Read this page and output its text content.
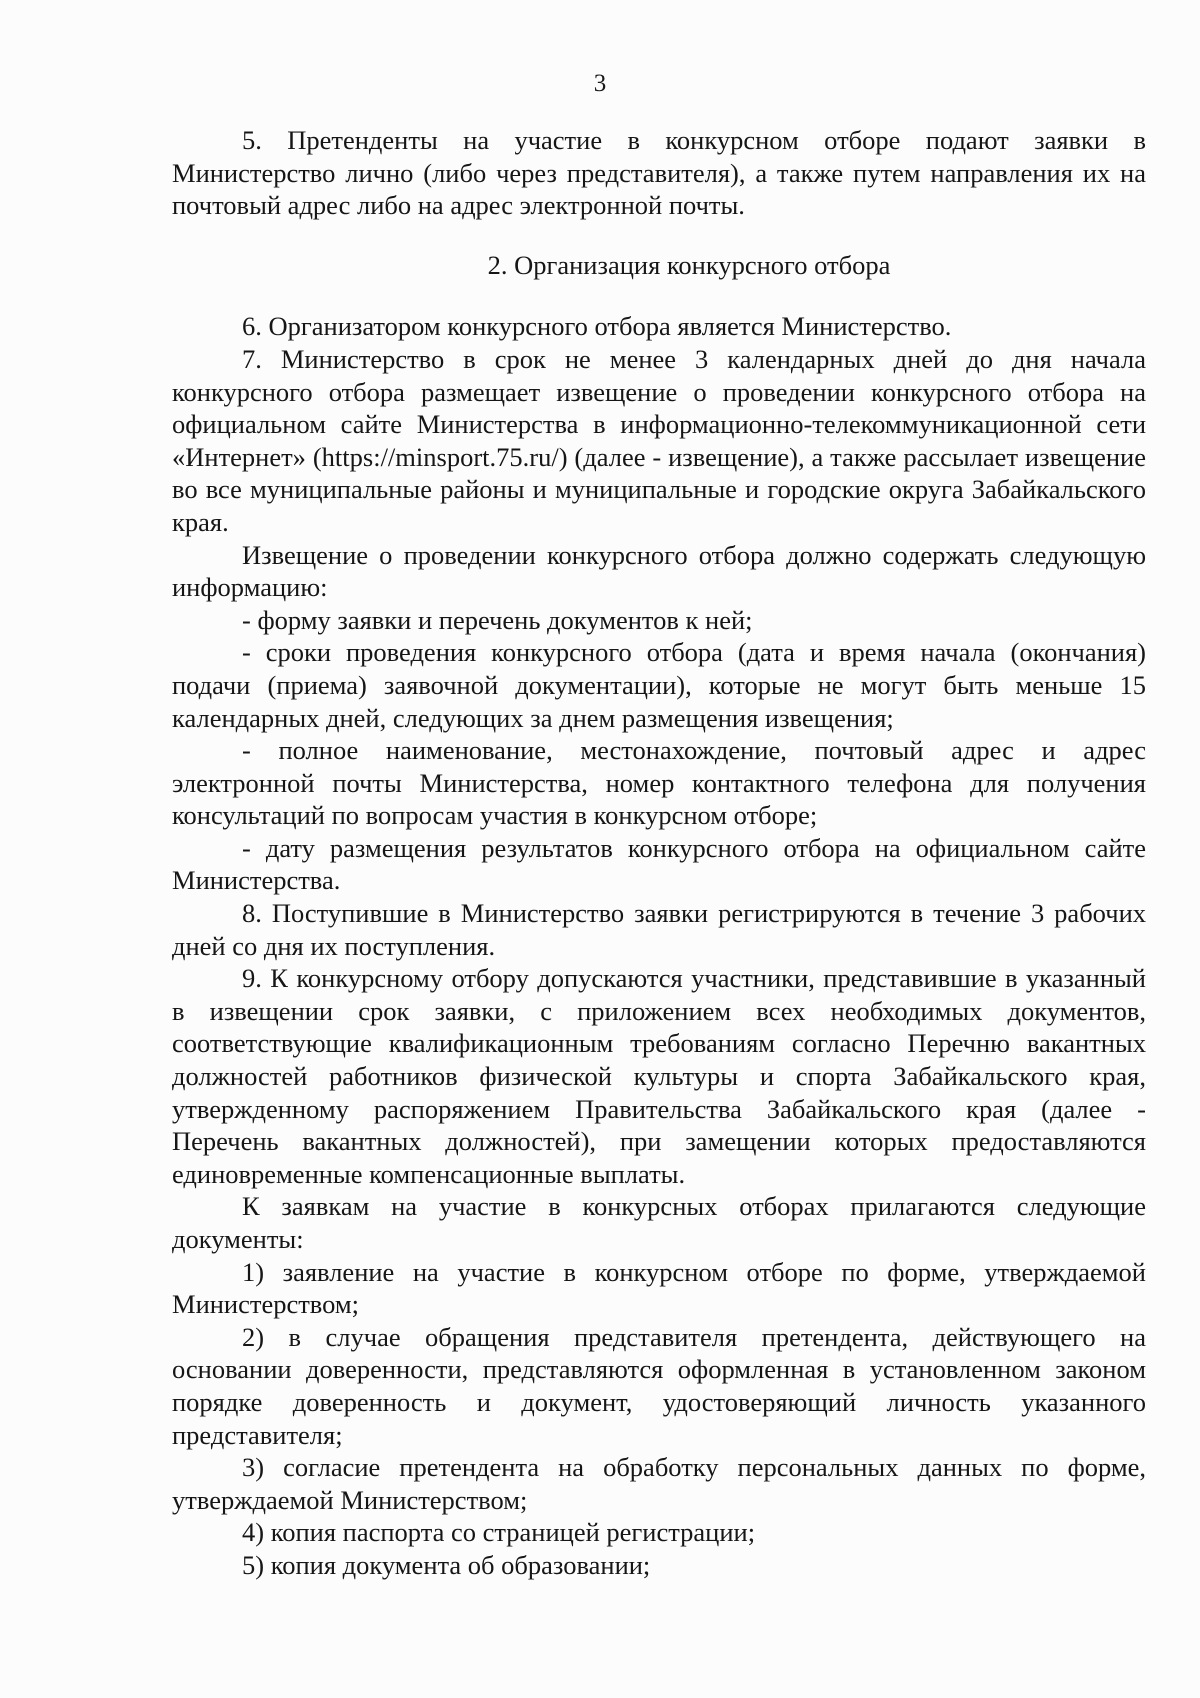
3

5. Претенденты на участие в конкурсном отборе подают заявки в Министерство лично (либо через представителя), а также путем направления их на почтовый адрес либо на адрес электронной почты.

2. Организация конкурсного отбора

6. Организатором конкурсного отбора является Министерство.

7. Министерство в срок не менее 3 календарных дней до дня начала конкурсного отбора размещает извещение о проведении конкурсного отбора на официальном сайте Министерства в информационно-телекоммуникационной сети «Интернет» (https://minsport.75.ru/) (далее - извещение), а также рассылает извещение во все муниципальные районы и муниципальные и городские округа Забайкальского края.

Извещение о проведении конкурсного отбора должно содержать следующую информацию:

- форму заявки и перечень документов к ней;

- сроки проведения конкурсного отбора (дата и время начала (окончания) подачи (приема) заявочной документации), которые не могут быть меньше 15 календарных дней, следующих за днем размещения извещения;

- полное наименование, местонахождение, почтовый адрес и адрес электронной почты Министерства, номер контактного телефона для получения консультаций по вопросам участия в конкурсном отборе;

- дату размещения результатов конкурсного отбора на официальном сайте Министерства.

8. Поступившие в Министерство заявки регистрируются в течение 3 рабочих дней со дня их поступления.

9. К конкурсному отбору допускаются участники, представившие в указанный в извещении срок заявки, с приложением всех необходимых документов, соответствующие квалификационным требованиям согласно Перечню вакантных должностей работников физической культуры и спорта Забайкальского края, утвержденному распоряжением Правительства Забайкальского края (далее - Перечень вакантных должностей), при замещении которых предоставляются единовременные компенсационные выплаты.

К заявкам на участие в конкурсных отборах прилагаются следующие документы:

1) заявление на участие в конкурсном отборе по форме, утверждаемой Министерством;

2) в случае обращения представителя претендента, действующего на основании доверенности, представляются оформленная в установленном законом порядке доверенность и документ, удостоверяющий личность указанного представителя;

3) согласие претендента на обработку персональных данных по форме, утверждаемой Министерством;

4) копия паспорта со страницей регистрации;

5) копия документа об образовании;
